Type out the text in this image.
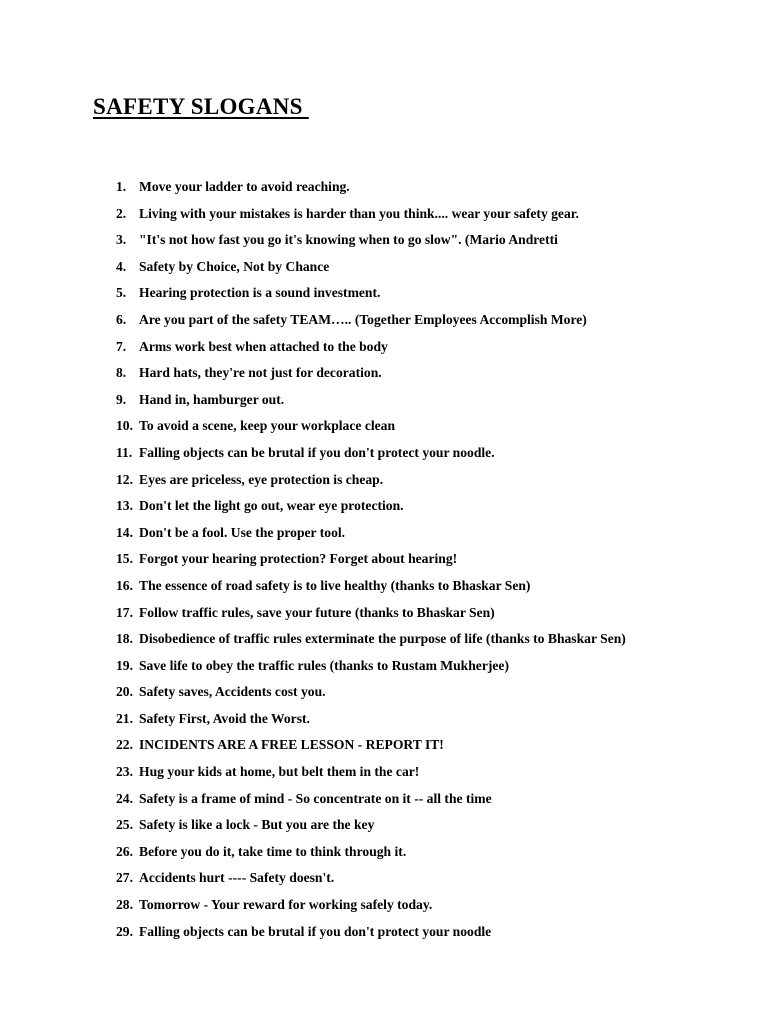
SAFETY SLOGANS
1. Move your ladder to avoid reaching.
2. Living with your mistakes is harder than you think.... wear your safety gear.
3. "It's not how fast you go it's knowing when to go slow". (Mario Andretti
4. Safety by Choice, Not by Chance
5. Hearing protection is a sound investment.
6. Are you part of the safety TEAM….. (Together Employees Accomplish More)
7. Arms work best when attached to the body
8. Hard hats, they're not just for decoration.
9. Hand in, hamburger out.
10. To avoid a scene, keep your workplace clean
11. Falling objects can be brutal if you don't protect your noodle.
12. Eyes are priceless, eye protection is cheap.
13. Don't let the light go out, wear eye protection.
14. Don't be a fool. Use the proper tool.
15. Forgot your hearing protection? Forget about hearing!
16. The essence of road safety is to live healthy (thanks to Bhaskar Sen)
17. Follow traffic rules, save your future (thanks to Bhaskar Sen)
18. Disobedience of traffic rules exterminate the purpose of life (thanks to Bhaskar Sen)
19. Save life to obey the traffic rules (thanks to Rustam Mukherjee)
20. Safety saves, Accidents cost you.
21. Safety First, Avoid the Worst.
22. INCIDENTS ARE A FREE LESSON - REPORT IT!
23. Hug your kids at home, but belt them in the car!
24. Safety is a frame of mind - So concentrate on it -- all the time
25. Safety is like a lock - But you are the key
26. Before you do it, take time to think through it.
27. Accidents hurt ---- Safety doesn't.
28. Tomorrow - Your reward for working safely today.
29. Falling objects can be brutal if you don't protect your noodle
